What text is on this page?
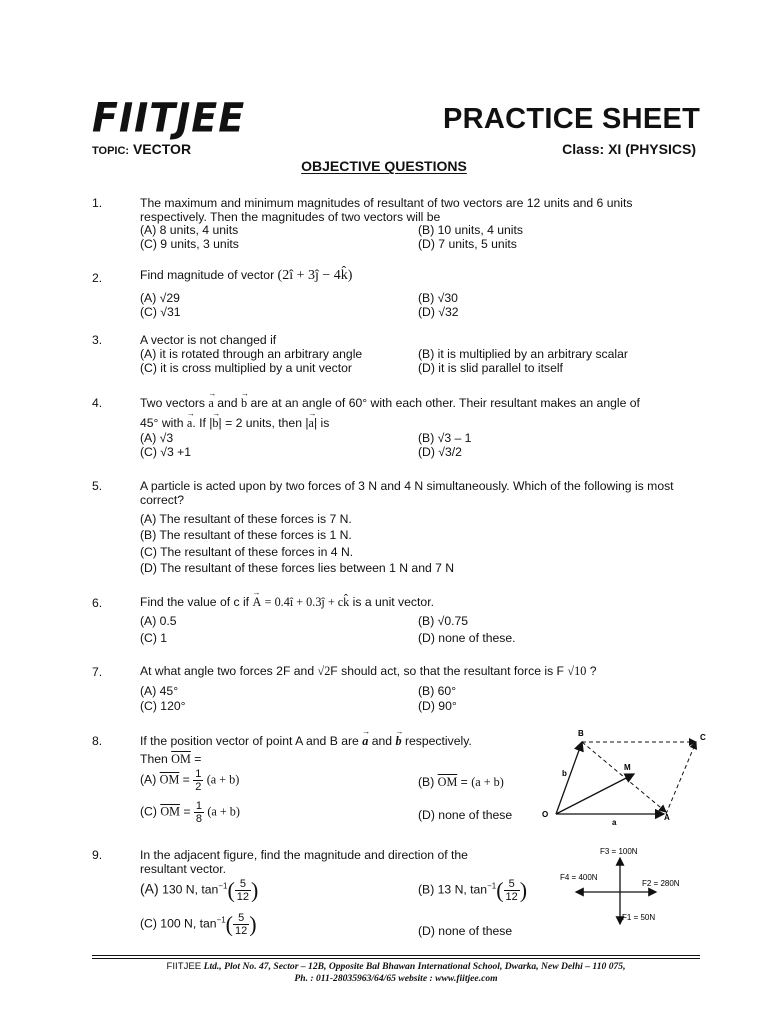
FIITJEE	PRACTICE SHEET
TOPIC: VECTOR	Class: XI (PHYSICS)
OBJECTIVE QUESTIONS
1.	The maximum and minimum magnitudes of resultant of two vectors are 12 units and 6 units respectively. Then the magnitudes of two vectors will be
(A) 8 units, 4 units	(B) 10 units, 4 units
(C) 9 units, 3 units	(D) 7 units, 5 units
2.	Find magnitude of vector (2î + 3ĵ − 4k̂)
(A) √29	(B) √30
(C) √31	(D) √32
3.	A vector is not changed if
(A) it is rotated through an arbitrary angle	(B) it is multiplied by an arbitrary scalar
(C) it is cross multiplied by a unit vector	(D) it is slid parallel to itself
4.	Two vectors → a and → b are at an angle of 60° with each other. Their resultant makes an angle of
45° with → a. If |→ b| = 2 units, then |→ a| is
(A) √3	(B) √3 – 1
(C) √3 +1	(D) √3/2
5.	A particle is acted upon by two forces of 3 N and 4 N simultaneously. Which of the following is most correct?
(A) The resultant of these forces is 7 N.
(B) The resultant of these forces is 1 N.
(C) The resultant of these forces in 4 N.
(D) The resultant of these forces lies between 1 N and 7 N
6.	Find the value of c if → A = 0.4î + 0.3ĵ + ck̂ is a unit vector.
(A) 0.5	(B) √0.75
(C) 1	(D) none of these.
7.	At what angle two forces 2F and √2F should act, so that the resultant force is F √10 ?
(A) 45°	(B) 60°
(C) 120°	(D) 90°
8.	If the position vector of point A and B are → a and → b respectively.
Then $\overline{OM}$ =
(A) $\overline{OM} = \frac{1}{2} (a + b)$	(B) $\overline{OM} = (a + b)$
(C) $\overline{OM} = \frac{1}{8} (a + b)$	(D) none of these
B	C
M
O	A
b
a
9.	In the adjacent figure, find the magnitude and direction of the resultant vector.
(A) 130 N, $\tan^{-1}( \frac{5}{12}$ )	(B) 13 N, $\tan^{-1}( \frac{5}{12}$ )
(C) 100 N, $\tan^{-1}( \frac{5}{12}$ )	(D) none of these
F3 = 100N
F4 = 400N
F2 = 280N
F1 = 50N
FIITJEE Ltd., Plot No. 47, Sector – 12B, Opposite Bal Bhawan International School, Dwarka, New Delhi – 110 075,
Ph. : 011-28035963/64/65 website : www.fiitjee.com
